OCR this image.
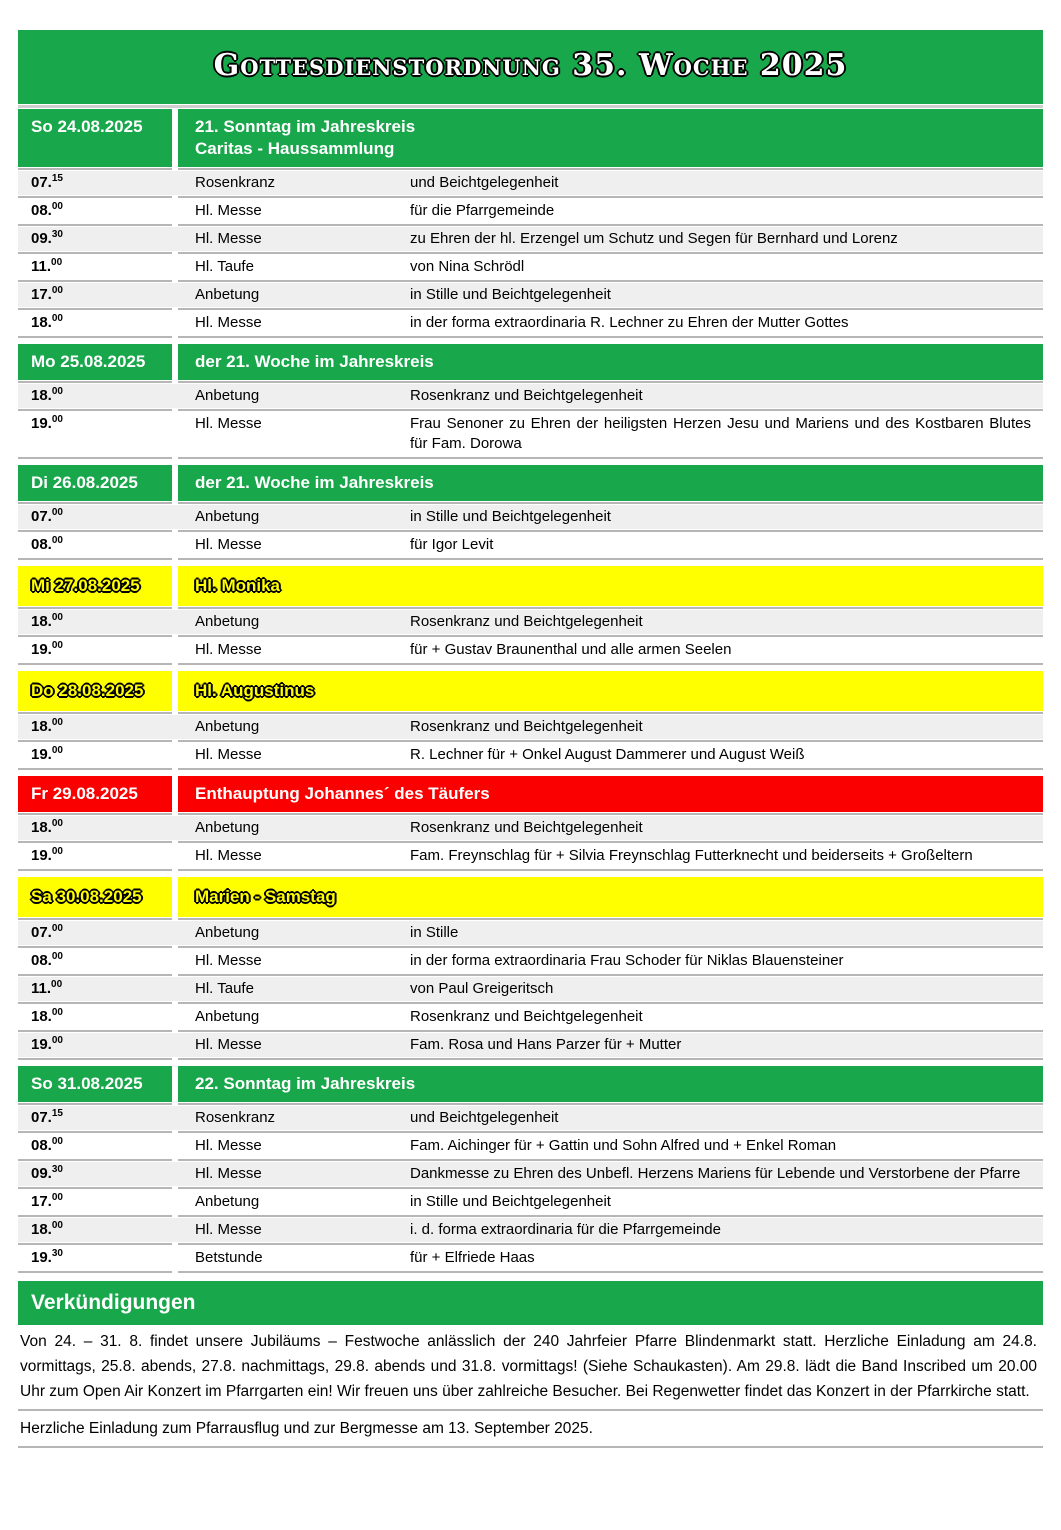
Gottesdienstordnung 35. Woche 2025
So 24.08.2025	21. Sonntag im Jahreskreis
Caritas - Haussammlung
07.15	Rosenkranz	und Beichtgelegenheit
08.00	Hl. Messe	für die Pfarrgemeinde
09.30	Hl. Messe	zu Ehren der hl. Erzengel um Schutz und Segen für Bernhard und Lorenz
11.00	Hl. Taufe	von Nina Schrödl
17.00	Anbetung	in Stille und Beichtgelegenheit
18.00	Hl. Messe	in der forma extraordinaria R. Lechner zu Ehren der Mutter Gottes
Mo 25.08.2025	der 21. Woche im Jahreskreis
18.00	Anbetung	Rosenkranz und Beichtgelegenheit
19.00	Hl. Messe	Frau Senoner zu Ehren der heiligsten Herzen Jesu und Mariens und des Kostbaren Blutes für Fam. Dorowa
Di 26.08.2025	der 21. Woche im Jahreskreis
07.00	Anbetung	in Stille und Beichtgelegenheit
08.00	Hl. Messe	für Igor Levit
Mi 27.08.2025	Hl. Monika
18.00	Anbetung	Rosenkranz und Beichtgelegenheit
19.00	Hl. Messe	für + Gustav Braunenthal und alle armen Seelen
Do 28.08.2025	Hl. Augustinus
18.00	Anbetung	Rosenkranz und Beichtgelegenheit
19.00	Hl. Messe	R. Lechner für + Onkel August Dammerer und August Weiß
Fr 29.08.2025	Enthauptung Johannes´ des Täufers
18.00	Anbetung	Rosenkranz und Beichtgelegenheit
19.00	Hl. Messe	Fam. Freynschlag für + Silvia Freynschlag Futterknecht und beiderseits + Großeltern
Sa 30.08.2025	Marien - Samstag
07.00	Anbetung	in Stille
08.00	Hl. Messe	in der forma extraordinaria Frau Schoder für Niklas Blauensteiner
11.00	Hl. Taufe	von Paul Greigeritsch
18.00	Anbetung	Rosenkranz und Beichtgelegenheit
19.00	Hl. Messe	Fam. Rosa und Hans Parzer für + Mutter
So 31.08.2025	22. Sonntag im Jahreskreis
07.15	Rosenkranz	und Beichtgelegenheit
08.00	Hl. Messe	Fam. Aichinger für + Gattin und Sohn Alfred und + Enkel Roman
09.30	Hl. Messe	Dankmesse zu Ehren des Unbefl. Herzens Mariens für Lebende und Verstorbene der Pfarre
17.00	Anbetung	in Stille und Beichtgelegenheit
18.00	Hl. Messe	i. d. forma extraordinaria für die Pfarrgemeinde
19.30	Betstunde	für + Elfriede Haas
Verkündigungen
Von 24. – 31. 8. findet unsere Jubiläums – Festwoche anlässlich der 240 Jahrfeier Pfarre Blindenmarkt statt. Herzliche Einladung am 24.8. vormittags, 25.8. abends, 27.8. nachmittags, 29.8. abends und 31.8. vormittags! (Siehe Schaukasten). Am 29.8. lädt die Band Inscribed um 20.00 Uhr zum Open Air Konzert im Pfarrgarten ein! Wir freuen uns über zahlreiche Besucher. Bei Regenwetter findet das Konzert in der Pfarrkirche statt.
Herzliche Einladung zum Pfarrausflug und zur Bergmesse am 13. September 2025.
